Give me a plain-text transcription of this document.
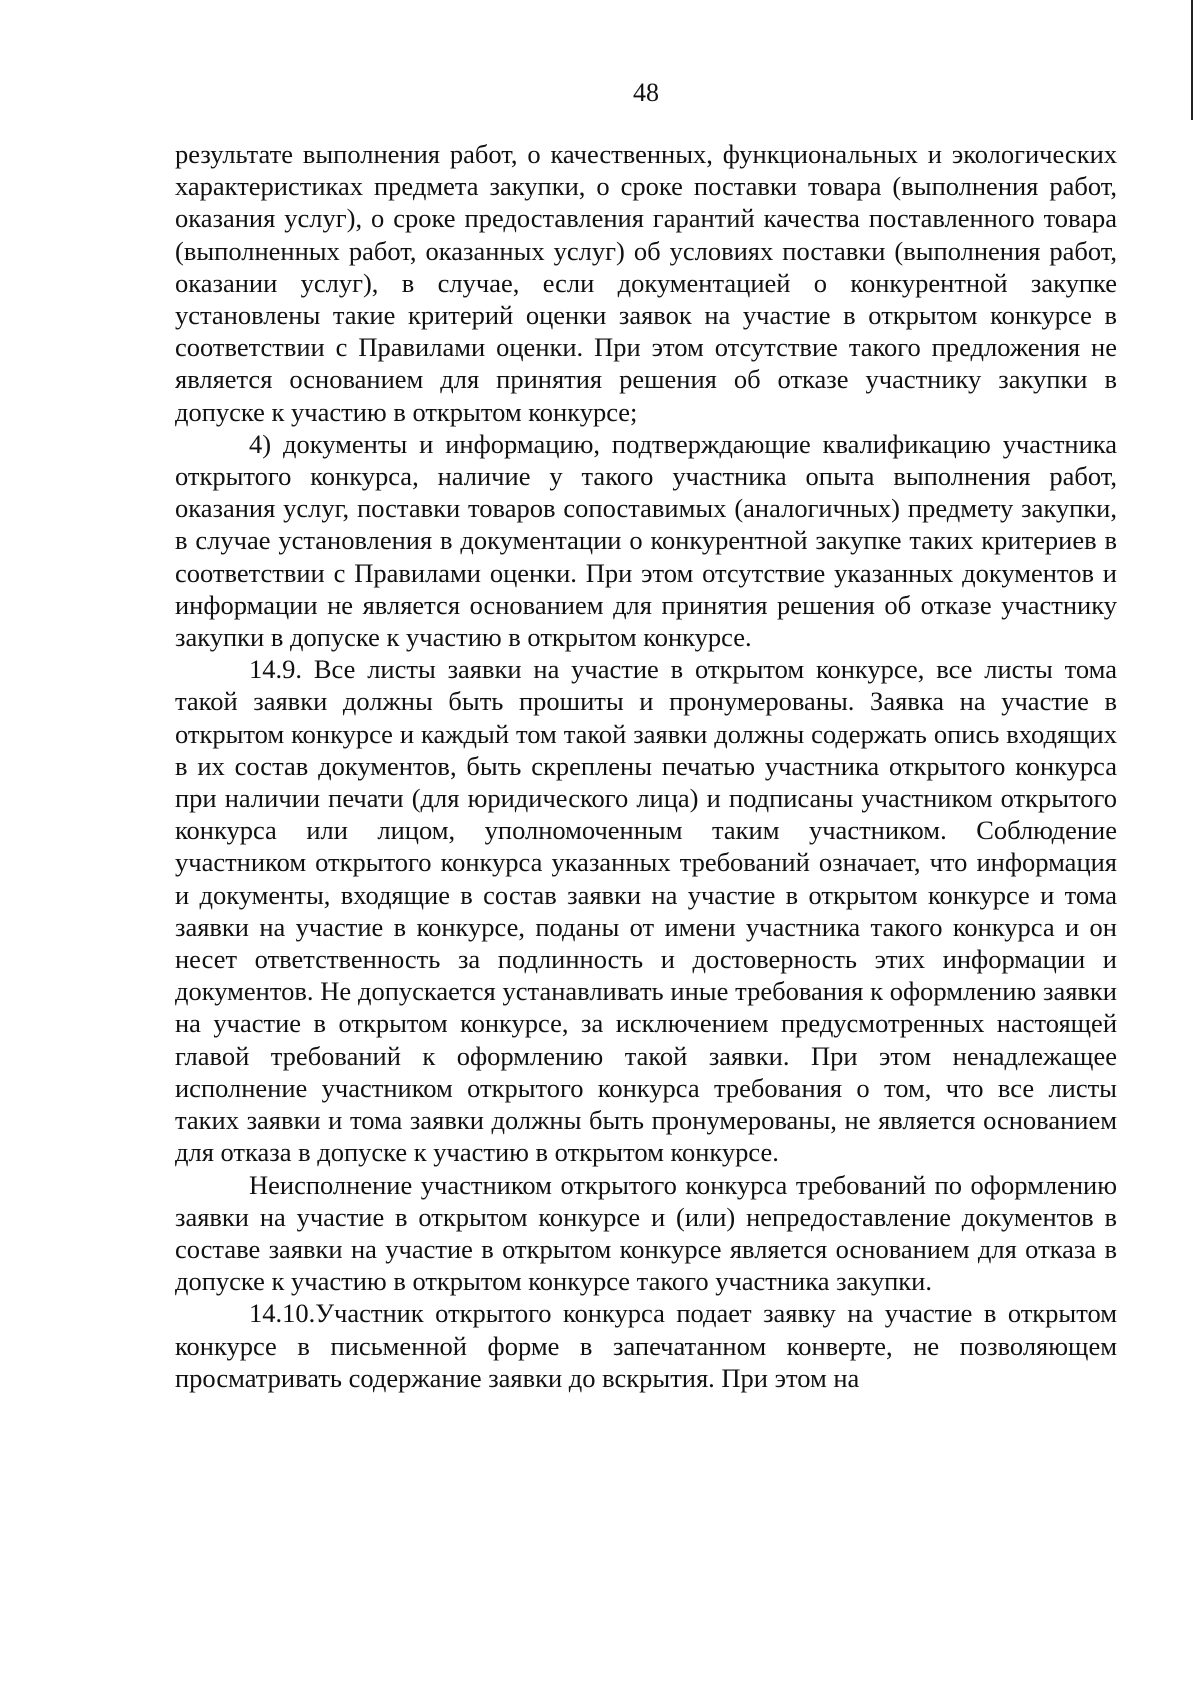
48

результате выполнения работ, о качественных, функциональных и экологических характеристиках предмета закупки, о сроке поставки товара (выполнения работ, оказания услуг), о сроке предоставления гарантий качества поставленного товара (выполненных работ, оказанных услуг) об условиях поставки (выполнения работ, оказании услуг), в случае, если документацией о конкурентной закупке установлены такие критерий оценки заявок на участие в открытом конкурсе в соответствии с Правилами оценки. При этом отсутствие такого предложения не является основанием для принятия решения об отказе участнику закупки в допуске к участию в открытом конкурсе;

4) документы и информацию, подтверждающие квалификацию участника открытого конкурса, наличие у такого участника опыта выполнения работ, оказания услуг, поставки товаров сопоставимых (аналогичных) предмету закупки, в случае установления в документации о конкурентной закупке таких критериев в соответствии с Правилами оценки. При этом отсутствие указанных документов и информации не является основанием для принятия решения об отказе участнику закупки в допуске к участию в открытом конкурсе.

14.9. Все листы заявки на участие в открытом конкурсе, все листы тома такой заявки должны быть прошиты и пронумерованы. Заявка на участие в открытом конкурсе и каждый том такой заявки должны содержать опись входящих в их состав документов, быть скреплены печатью участника открытого конкурса при наличии печати (для юридического лица) и подписаны участником открытого конкурса или лицом, уполномоченным таким участником. Соблюдение участником открытого конкурса указанных требований означает, что информация и документы, входящие в состав заявки на участие в открытом конкурсе и тома заявки на участие в конкурсе, поданы от имени участника такого конкурса и он несет ответственность за подлинность и достоверность этих информации и документов. Не допускается устанавливать иные требования к оформлению заявки на участие в открытом конкурсе, за исключением предусмотренных настоящей главой требований к оформлению такой заявки. При этом ненадлежащее исполнение участником открытого конкурса требования о том, что все листы таких заявки и тома заявки должны быть пронумерованы, не является основанием для отказа в допуске к участию в открытом конкурсе.

Неисполнение участником открытого конкурса требований по оформлению заявки на участие в открытом конкурсе и (или) непредоставление документов в составе заявки на участие в открытом конкурсе является основанием для отказа в допуске к участию в открытом конкурсе такого участника закупки.

14.10.Участник открытого конкурса подает заявку на участие в открытом конкурсе в письменной форме в запечатанном конверте, не позволяющем просматривать содержание заявки до вскрытия. При этом на
